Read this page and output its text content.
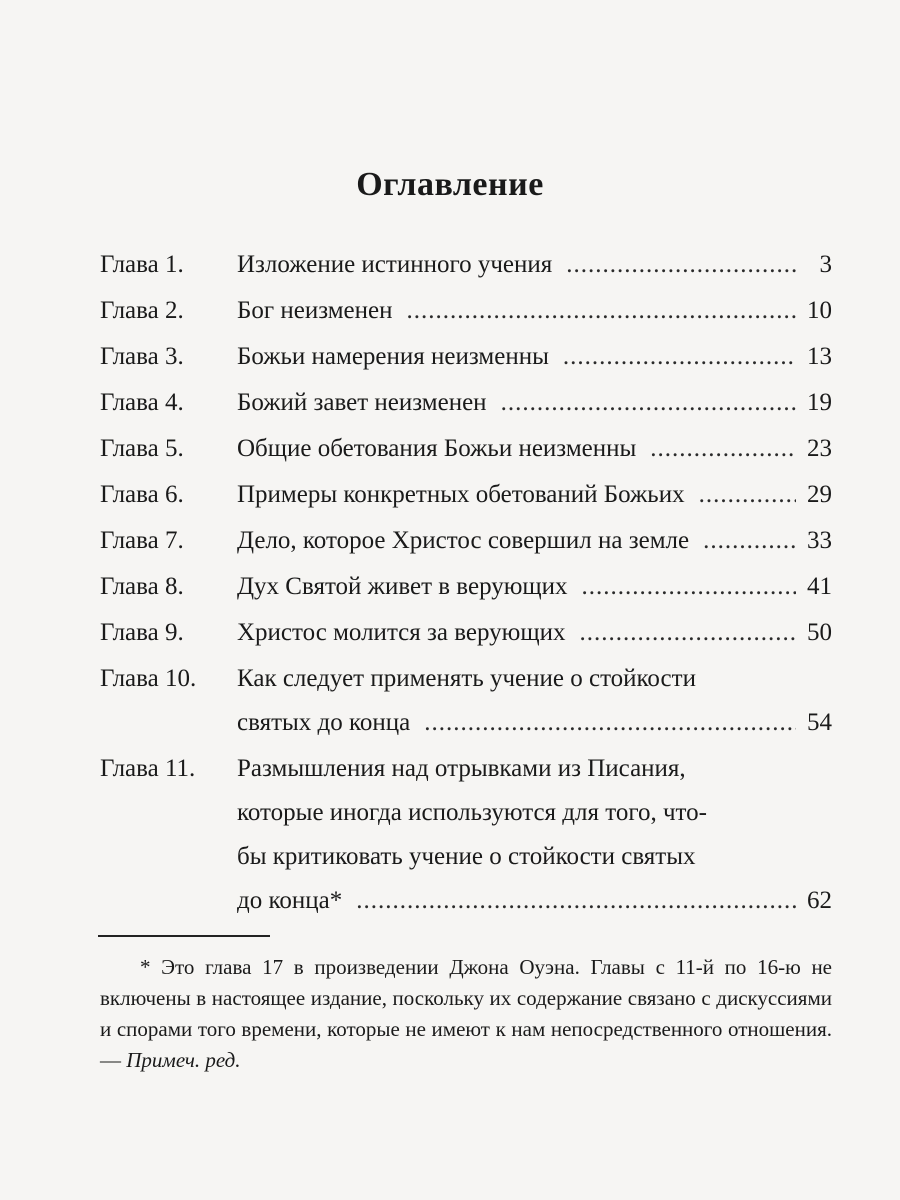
Оглавление
Глава 1.	Изложение истинного учения .....	3
Глава 2.	Бог неизменен .....	10
Глава 3.	Божьи намерения неизменны .....	13
Глава 4.	Божий завет неизменен .....	19
Глава 5.	Общие обетования Божьи неизменны .....	23
Глава 6.	Примеры конкретных обетований Божьих .....	29
Глава 7.	Дело, которое Христос совершил на земле .....	33
Глава 8.	Дух Святой живет в верующих .....	41
Глава 9.	Христос молится за верующих .....	50
Глава 10.	Как следует применять учение о стойкости
святых до конца .....	54
Глава 11.	Размышления над отрывками из Писания,
которые иногда используются для того, что-
бы критиковать учение о стойкости святых
до конца* .....	62
* Это глава 17 в произведении Джона Оуэна. Главы с 11-й по 16-ю не включены в настоящее издание, поскольку их содержание связано с дискуссиями и спорами того времени, которые не имеют к нам непосредственного отношения. — Примеч. ред.
